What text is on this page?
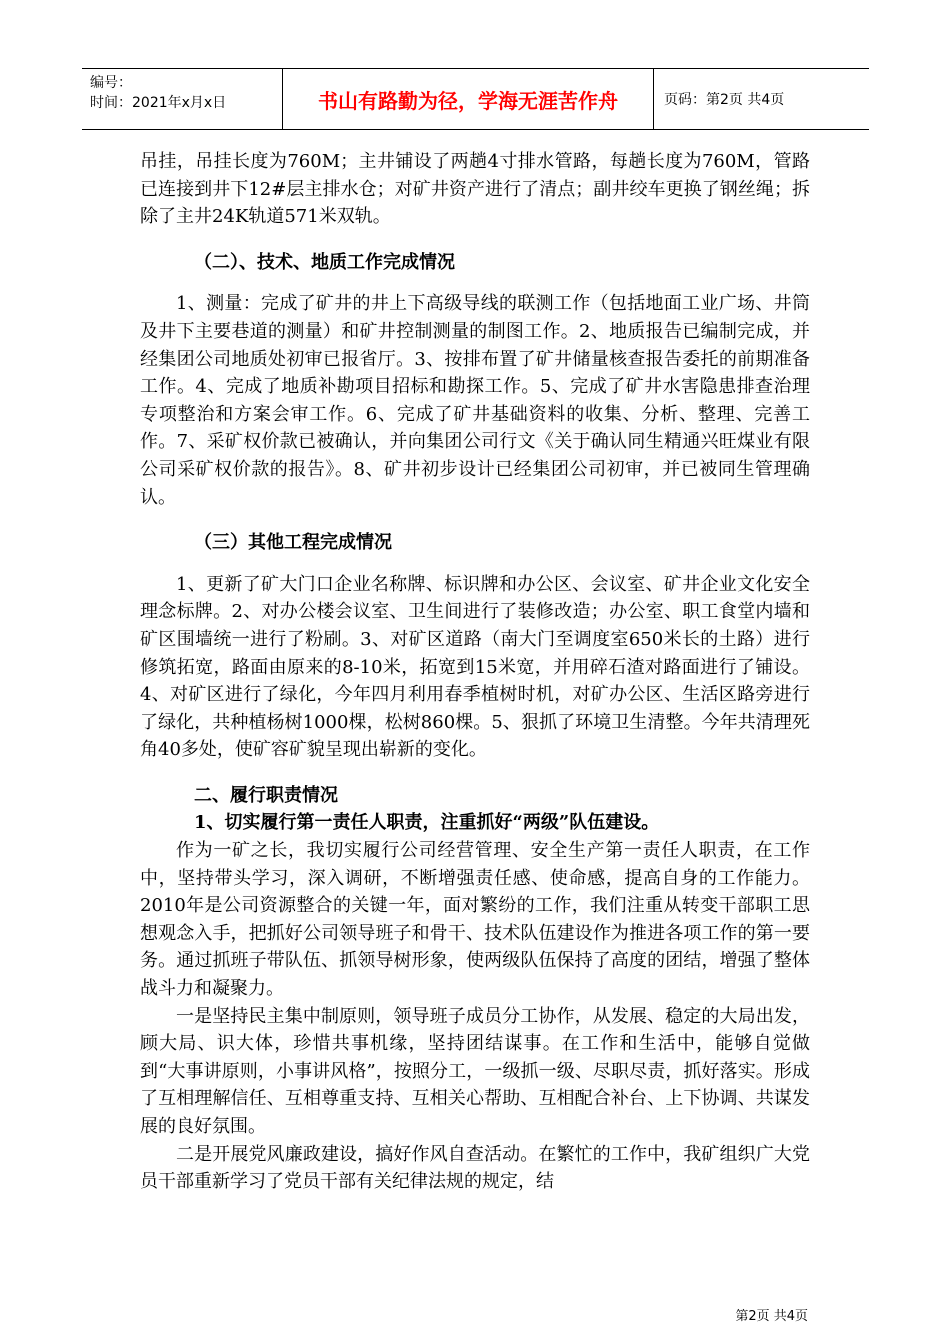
编号：
时间：2021年x月x日	书山有路勤为径，学海无涯苦作舟	页码：第2页 共4页

吊挂，吊挂长度为760M；主井铺设了两趟4寸排水管路，每趟长度为760M，管路已连接到井下12#层主排水仓；对矿井资产进行了清点；副井绞车更换了钢丝绳；拆除了主井24K轨道571米双轨。

（二）、技术、地质工作完成情况

1、测量：完成了矿井的井上下高级导线的联测工作（包括地面工业广场、井筒及井下主要巷道的测量）和矿井控制测量的制图工作。2、地质报告已编制完成，并经集团公司地质处初审已报省厅。3、按排布置了矿井储量核查报告委托的前期准备工作。4、完成了地质补勘项目招标和勘探工作。5、完成了矿井水害隐患排查治理专项整治和方案会审工作。6、完成了矿井基础资料的收集、分析、整理、完善工作。7、采矿权价款已被确认，并向集团公司行文《关于确认同生精通兴旺煤业有限公司采矿权价款的报告》。8、矿井初步设计已经集团公司初审，并已被同生管理确认。

（三）其他工程完成情况

1、更新了矿大门口企业名称牌、标识牌和办公区、会议室、矿井企业文化安全理念标牌。2、对办公楼会议室、卫生间进行了装修改造；办公室、职工食堂内墙和矿区围墙统一进行了粉刷。3、对矿区道路（南大门至调度室650米长的土路）进行修筑拓宽，路面由原来的8-10米，拓宽到15米宽，并用碎石渣对路面进行了铺设。4、对矿区进行了绿化，今年四月利用春季植树时机，对矿办公区、生活区路旁进行了绿化，共种植杨树1000棵，松树860棵。5、狠抓了环境卫生清整。今年共清理死角40多处，使矿容矿貌呈现出崭新的变化。

二、履行职责情况

1、切实履行第一责任人职责，注重抓好“两级”队伍建设。

作为一矿之长，我切实履行公司经营管理、安全生产第一责任人职责，在工作中，坚持带头学习，深入调研，不断增强责任感、使命感，提高自身的工作能力。2010年是公司资源整合的关键一年，面对繁纷的工作，我们注重从转变干部职工思想观念入手，把抓好公司领导班子和骨干、技术队伍建设作为推进各项工作的第一要务。通过抓班子带队伍、抓领导树形象，使两级队伍保持了高度的团结，增强了整体战斗力和凝聚力。

一是坚持民主集中制原则，领导班子成员分工协作，从发展、稳定的大局出发，顾大局、识大体，珍惜共事机缘，坚持团结谋事。在工作和生活中，能够自觉做到“大事讲原则，小事讲风格”，按照分工，一级抓一级、尽职尽责，抓好落实。形成了互相理解信任、互相尊重支持、互相关心帮助、互相配合补台、上下协调、共谋发展的良好氛围。

二是开展党风廉政建设，搞好作风自查活动。在繁忙的工作中，我矿组织广大党员干部重新学习了党员干部有关纪律法规的规定，结

第2页 共4页
